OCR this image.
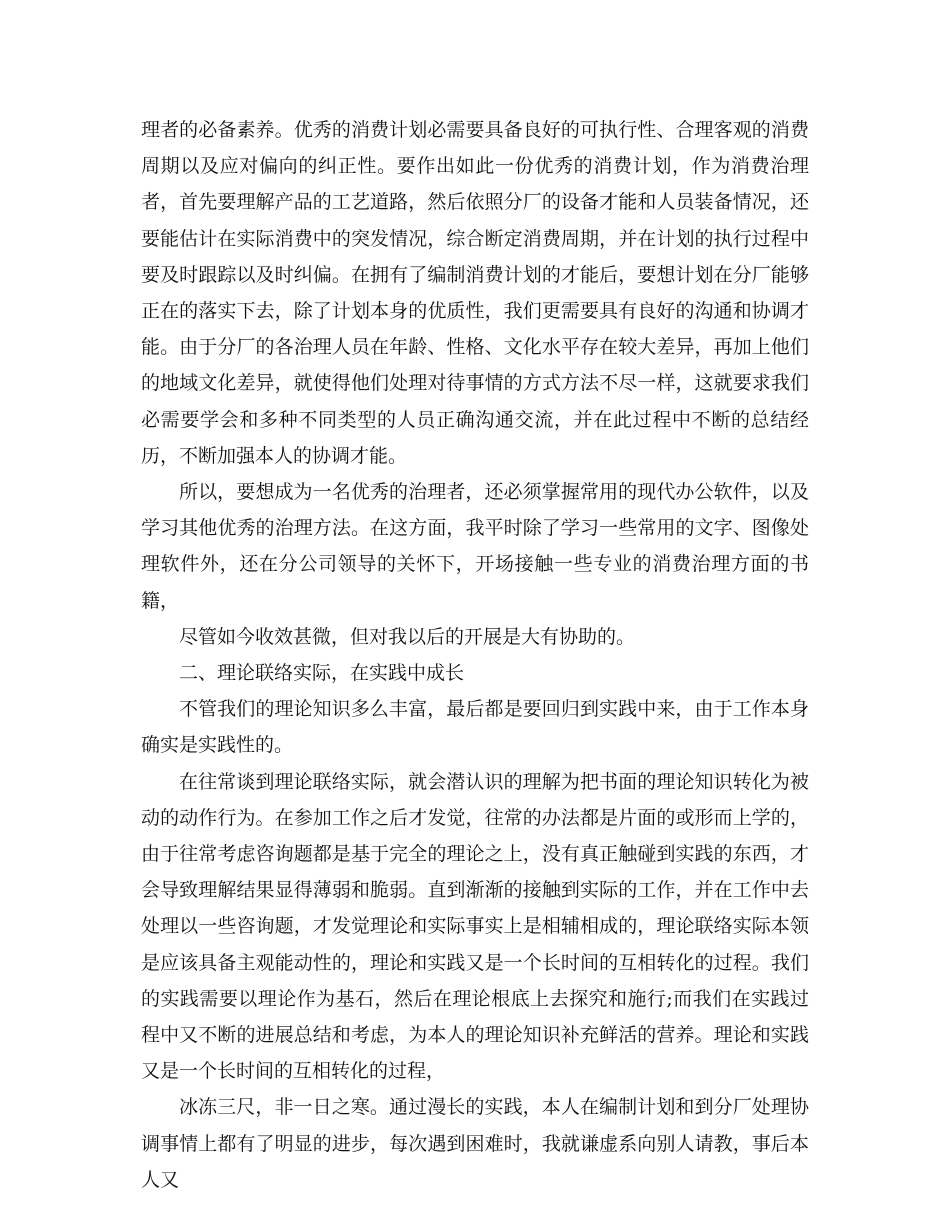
理者的必备素养。优秀的消费计划必需要具备良好的可执行性、合理客观的消费周期以及应对偏向的纠正性。要作出如此一份优秀的消费计划，作为消费治理者，首先要理解产品的工艺道路，然后依照分厂的设备才能和人员装备情况，还要能估计在实际消费中的突发情况，综合断定消费周期，并在计划的执行过程中要及时跟踪以及时纠偏。在拥有了编制消费计划的才能后，要想计划在分厂能够正在的落实下去，除了计划本身的优质性，我们更需要具有良好的沟通和协调才能。由于分厂的各治理人员在年龄、性格、文化水平存在较大差异，再加上他们的地域文化差异，就使得他们处理对待事情的方式方法不尽一样，这就要求我们必需要学会和多种不同类型的人员正确沟通交流，并在此过程中不断的总结经历，不断加强本人的协调才能。

所以，要想成为一名优秀的治理者，还必须掌握常用的现代办公软件，以及学习其他优秀的治理方法。在这方面，我平时除了学习一些常用的文字、图像处理软件外，还在分公司领导的关怀下，开场接触一些专业的消费治理方面的书籍，

尽管如今收效甚微，但对我以后的开展是大有协助的。

二、理论联络实际，在实践中成长

不管我们的理论知识多么丰富，最后都是要回归到实践中来，由于工作本身确实是实践性的。

在往常谈到理论联络实际，就会潜认识的理解为把书面的理论知识转化为被动的动作行为。在参加工作之后才发觉，往常的办法都是片面的或形而上学的，由于往常考虑咨询题都是基于完全的理论之上，没有真正触碰到实践的东西，才会导致理解结果显得薄弱和脆弱。直到渐渐的接触到实际的工作，并在工作中去处理以一些咨询题，才发觉理论和实际事实上是相辅相成的，理论联络实际本领是应该具备主观能动性的，理论和实践又是一个长时间的互相转化的过程。我们的实践需要以理论作为基石，然后在理论根底上去探究和施行;而我们在实践过程中又不断的进展总结和考虑，为本人的理论知识补充鲜活的营养。理论和实践又是一个长时间的互相转化的过程，

冰冻三尺，非一日之寒。通过漫长的实践，本人在编制计划和到分厂处理协调事情上都有了明显的进步，每次遇到困难时，我就谦虚系向别人请教，事后本人又
